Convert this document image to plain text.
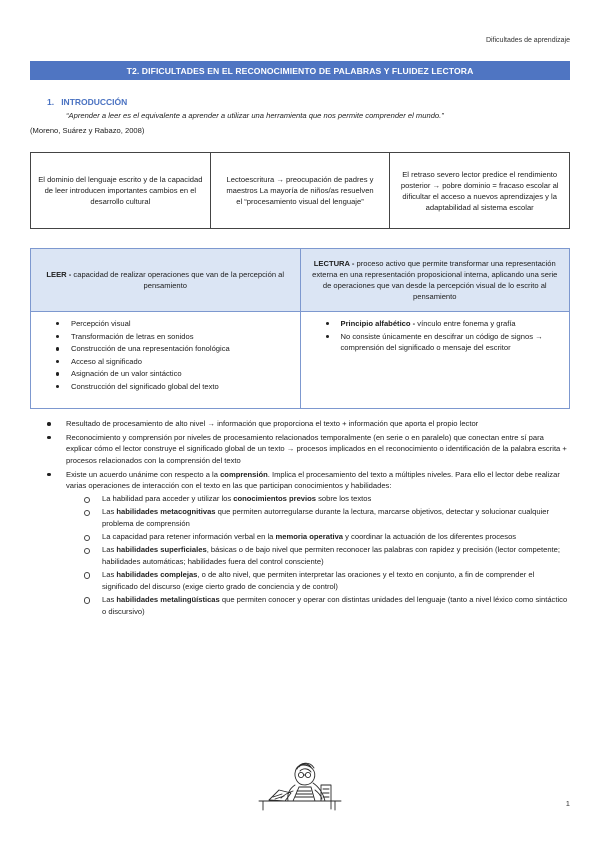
Dificultades de aprendizaje
T2. DIFICULTADES EN EL RECONOCIMIENTO DE PALABRAS Y FLUIDEZ LECTORA
1. INTRODUCCIÓN
“Aprender a leer es el equivalente a aprender a utilizar una herramienta que nos permite comprender el mundo.”
(Moreno, Suárez y Rabazo, 2008)
El dominio del lenguaje escrito y de la capacidad de leer introducen importantes cambios en el desarrollo cultural
Lectoescritura → preocupación de padres y maestros La mayoría de niños/as resuelven el “procesamiento visual del lenguaje”
El retraso severo lector predice el rendimiento posterior → pobre dominio = fracaso escolar al dificultar el acceso a nuevos aprendizajes y la adaptabilidad al sistema escolar
LEER - capacidad de realizar operaciones que van de la percepción al pensamiento
LECTURA - proceso activo que permite transformar una representación externa en una representación proposicional interna, aplicando una serie de operaciones que van desde la percepción visual de lo escrito al pensamiento
Percepción visual
Transformación de letras en sonidos
Construcción de una representación fonológica
Acceso al significado
Asignación de un valor sintáctico
Construcción del significado global del texto
Principio alfabético - vínculo entre fonema y grafía
No consiste únicamente en descifrar un código de signos → comprensión del significado o mensaje del escritor
Resultado de procesamiento de alto nivel → información que proporciona el texto + información que aporta el propio lector
Reconocimiento y comprensión por niveles de procesamiento relacionados temporalmente (en serie o en paralelo) que conectan entre sí para explicar cómo el lector construye el significado global de un texto → procesos implicados en el reconocimiento o identificación de la palabra escrita + procesos relacionados con la comprensión del texto
Existe un acuerdo unánime con respecto a la comprensión. Implica el procesamiento del texto a múltiples niveles. Para ello el lector debe realizar varias operaciones de interacción con el texto en las que participan conocimientos y habilidades:
La habilidad para acceder y utilizar los conocimientos previos sobre los textos
Las habilidades metacognitivas que permiten autorregularse durante la lectura, marcarse objetivos, detectar y solucionar cualquier problema de comprensión
La capacidad para retener información verbal en la memoria operativa y coordinar la actuación de los diferentes procesos
Las habilidades superficiales, básicas o de bajo nivel que permiten reconocer las palabras con rapidez y precisión (lector competente; habilidades automáticas; habilidades fuera del control consciente)
Las habilidades complejas, o de alto nivel, que permiten interpretar las oraciones y el texto en conjunto, a fin de comprender el significado del discurso (exige cierto grado de conciencia y de control)
Las habilidades metalingüísticas que permiten conocer y operar con distintas unidades del lenguaje (tanto a nivel léxico como sintáctico o discursivo)
1
